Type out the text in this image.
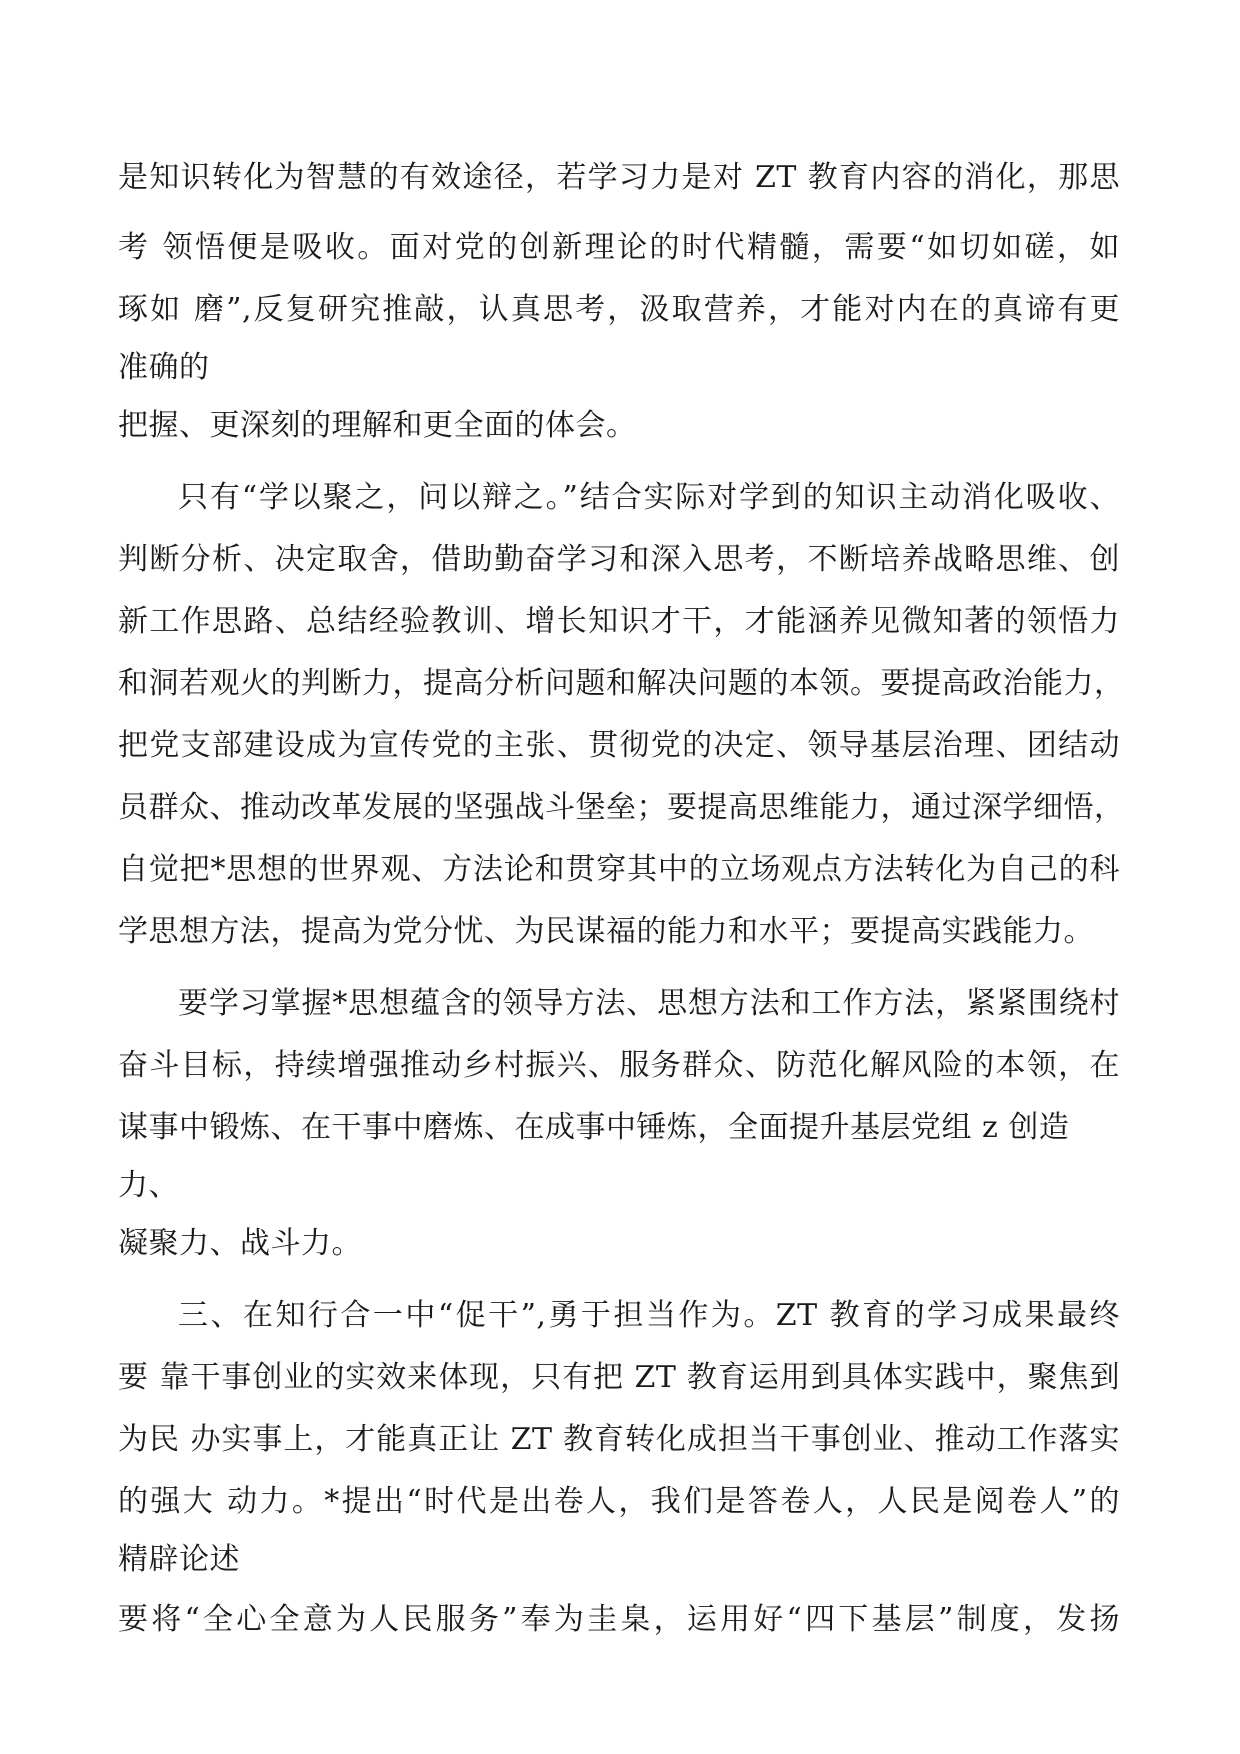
是知识转化为智慧的有效途径，若学习力是对 ZT 教育内容的消化，那思
考 领悟便是吸收。面对党的创新理论的时代精髓，需要“如切如磋，如
琢如 磨”,反复研究推敲，认真思考，汲取营养，才能对内在的真谛有更
准确的
把握、更深刻的理解和更全面的体会。
只有“学以聚之，问以辩之。”结合实际对学到的知识主动消化吸收、
判断分析、决定取舍，借助勤奋学习和深入思考，不断培养战略思维、创
新工作思路、总结经验教训、增长知识才干，才能涵养见微知著的领悟力
和洞若观火的判断力，提高分析问题和解决问题的本领。要提高政治能力，
把党支部建设成为宣传党的主张、贯彻党的决定、领导基层治理、团结动
员群众、推动改革发展的坚强战斗堡垒；要提高思维能力，通过深学细悟，
自觉把*思想的世界观、方法论和贯穿其中的立场观点方法转化为自己的科
学思想方法，提高为党分忧、为民谋福的能力和水平；要提高实践能力。
要学习掌握*思想蕴含的领导方法、思想方法和工作方法，紧紧围绕村
奋斗目标，持续增强推动乡村振兴、服务群众、防范化解风险的本领，在
谋事中锻炼、在干事中磨炼、在成事中锤炼，全面提升基层党组 z 创造
力、
凝聚力、战斗力。
三、在知行合一中“促干”,勇于担当作为。ZT 教育的学习成果最终
要 靠干事创业的实效来体现，只有把 ZT 教育运用到具体实践中，聚焦到
为民 办实事上，才能真正让 ZT 教育转化成担当干事创业、推动工作落实
的强大 动力。*提出“时代是出卷人，我们是答卷人，人民是阅卷人”的
精辟论述
要将“全心全意为人民服务”奉为圭臬，运用好“四下基层”制度，发扬
